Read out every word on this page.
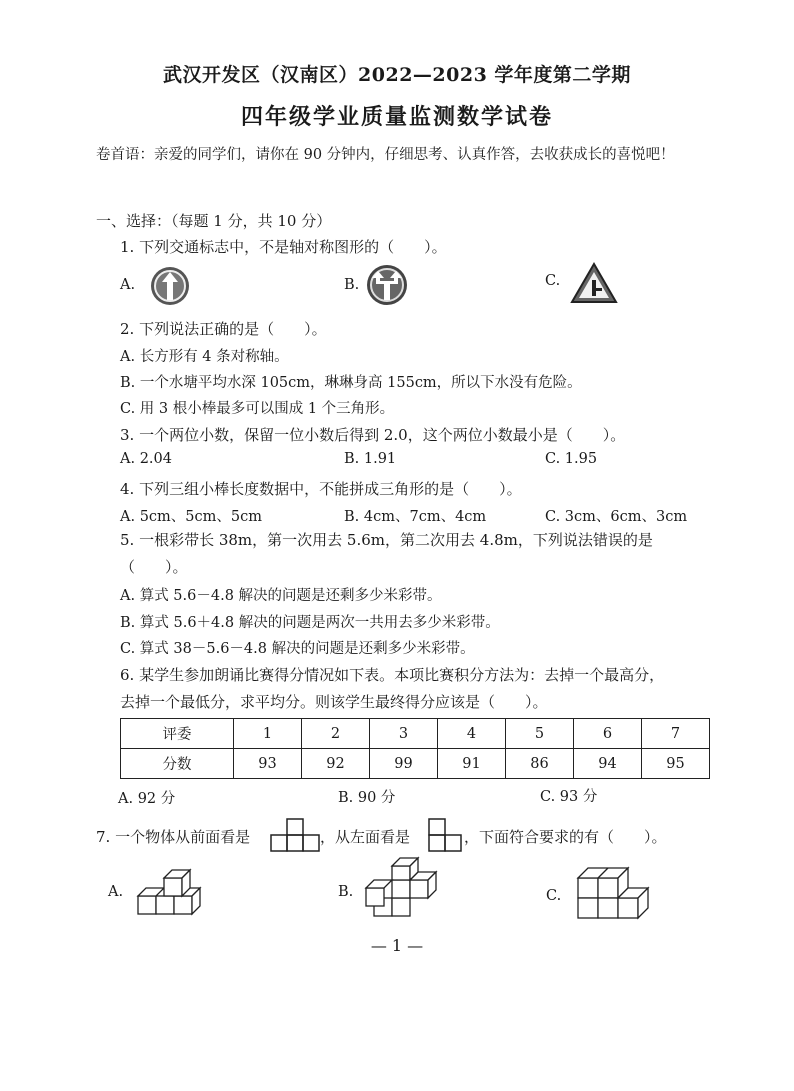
武汉开发区（汉南区）2022—2023 学年度第二学期
四年级学业质量监测数学试卷
卷首语：亲爱的同学们，请你在 90 分钟内，仔细思考、认真作答，去收获成长的喜悦吧！
一、选择：（每题 1 分，共 10 分）
1. 下列交通标志中，不是轴对称图形的（　　）。
A.	B.	C.
2. 下列说法正确的是（　　）。
A. 长方形有 4 条对称轴。
B. 一个水塘平均水深 105cm，琳琳身高 155cm，所以下水没有危险。
C. 用 3 根小棒最多可以围成 1 个三角形。
3. 一个两位小数，保留一位小数后得到 2.0，这个两位小数最小是（　　）。
A. 2.04	B. 1.91	C. 1.95
4. 下列三组小棒长度数据中，不能拼成三角形的是（　　）。
A. 5cm、5cm、5cm	B. 4cm、7cm、4cm	C. 3cm、6cm、3cm
5. 一根彩带长 38m，第一次用去 5.6m，第二次用去 4.8m，下列说法错误的是
（　　）。
A. 算式 5.6－4.8 解决的问题是还剩多少米彩带。
B. 算式 5.6＋4.8 解决的问题是两次一共用去多少米彩带。
C. 算式 38－5.6－4.8 解决的问题是还剩多少米彩带。
6. 某学生参加朗诵比赛得分情况如下表。本项比赛积分方法为：去掉一个最高分，
去掉一个最低分，求平均分。则该学生最终得分应该是（　　）。
评委	1	2	3	4	5	6	7
分数	93	92	99	91	86	94	95
A. 92 分	B. 90 分	C. 93 分
7. 一个物体从前面看是	，从左面看是	，下面符合要求的有（　　）。
A.	B.	C.
— 1 —
